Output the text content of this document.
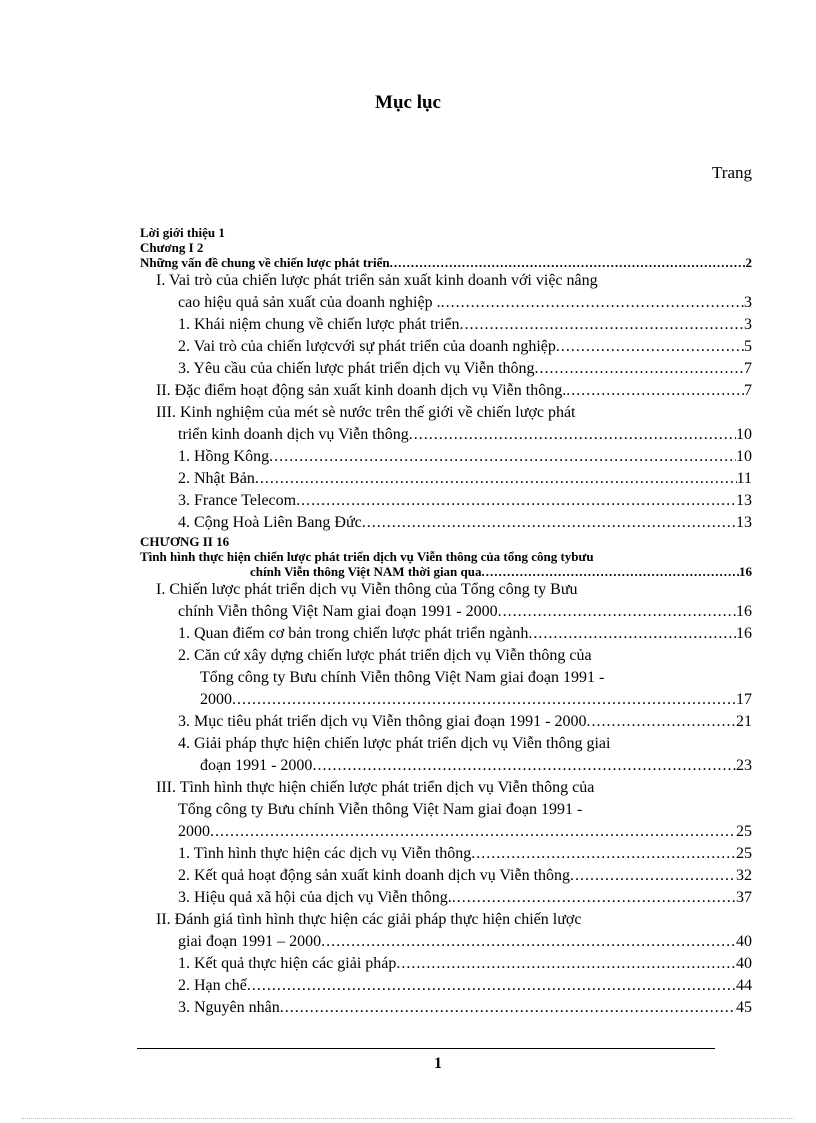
Mục lục
Trang
Lời giới thiệu 1
Chương I 2
Những vấn đề chung về chiến lược phát triển .....	2
I. Vai trò của chiến lược phát triển sản xuất kinh doanh với việc nâng
cao hiệu quả sản xuất của doanh nghiệp . .....	3
1. Khái niệm chung về chiến lược phát triển .....	3
2. Vai trò của chiến lượcvới sự phát triển của doanh nghiệp .....	5
3. Yêu cầu của chiến lược phát triển dịch vụ Viễn thông .....	7
II. Đặc điểm hoạt động sản xuất kinh doanh dịch vụ Viễn thông. .....	7
III. Kinh nghiệm của mét sè nước trên thế giới về chiến lược phát
triển kinh doanh dịch vụ Viễn thông .....	10
1. Hồng Kông .....	10
2. Nhật Bản .....	11
3. France Telecom .....	13
4. Cộng Hoà Liên Bang Đức .....	13
CHƯƠNG II 16
Tình hình thực hiện chiến lược phát triển dịch vụ Viễn thông của tổng công tybưu
chính Viễn thông Việt NAM thời gian qua .....	16
I. Chiến lược phát triển dịch vụ Viễn thông của Tổng công ty Bưu
chính Viễn thông Việt Nam giai đoạn 1991 - 2000 .....	16
1. Quan điểm cơ bản trong chiến lược phát triển ngành .....	16
2. Căn cứ xây dựng chiến lược phát triển dịch vụ Viễn thông của
Tổng công ty Bưu chính Viễn thông Việt Nam giai đoạn 1991 -
2000 .....	17
3. Mục tiêu phát triển dịch vụ Viễn thông giai đoạn 1991 - 2000 .....	21
4. Giải pháp thực hiện chiến lược phát triển dịch vụ Viễn thông giai
đoạn 1991 - 2000 .....	23
III. Tình hình thực hiện chiến lược phát triển dịch vụ Viễn thông của
Tổng công ty Bưu chính Viễn thông Việt Nam giai đoạn 1991 -
2000 .....	25
1. Tình hình thực hiện các dịch vụ Viễn thông .....	25
2. Kết quả hoạt động sản xuất kinh doanh dịch vụ Viễn thông .....	32
3. Hiệu quả xã hội của dịch vụ Viễn thông. .....	37
II. Đánh giá tình hình thực hiện các giải pháp thực hiện chiến lược
giai đoạn 1991 – 2000 .....	40
1. Kết quả thực hiện các giải pháp .....	40
2. Hạn chế .....	44
3. Nguyên nhân .....	45
1
